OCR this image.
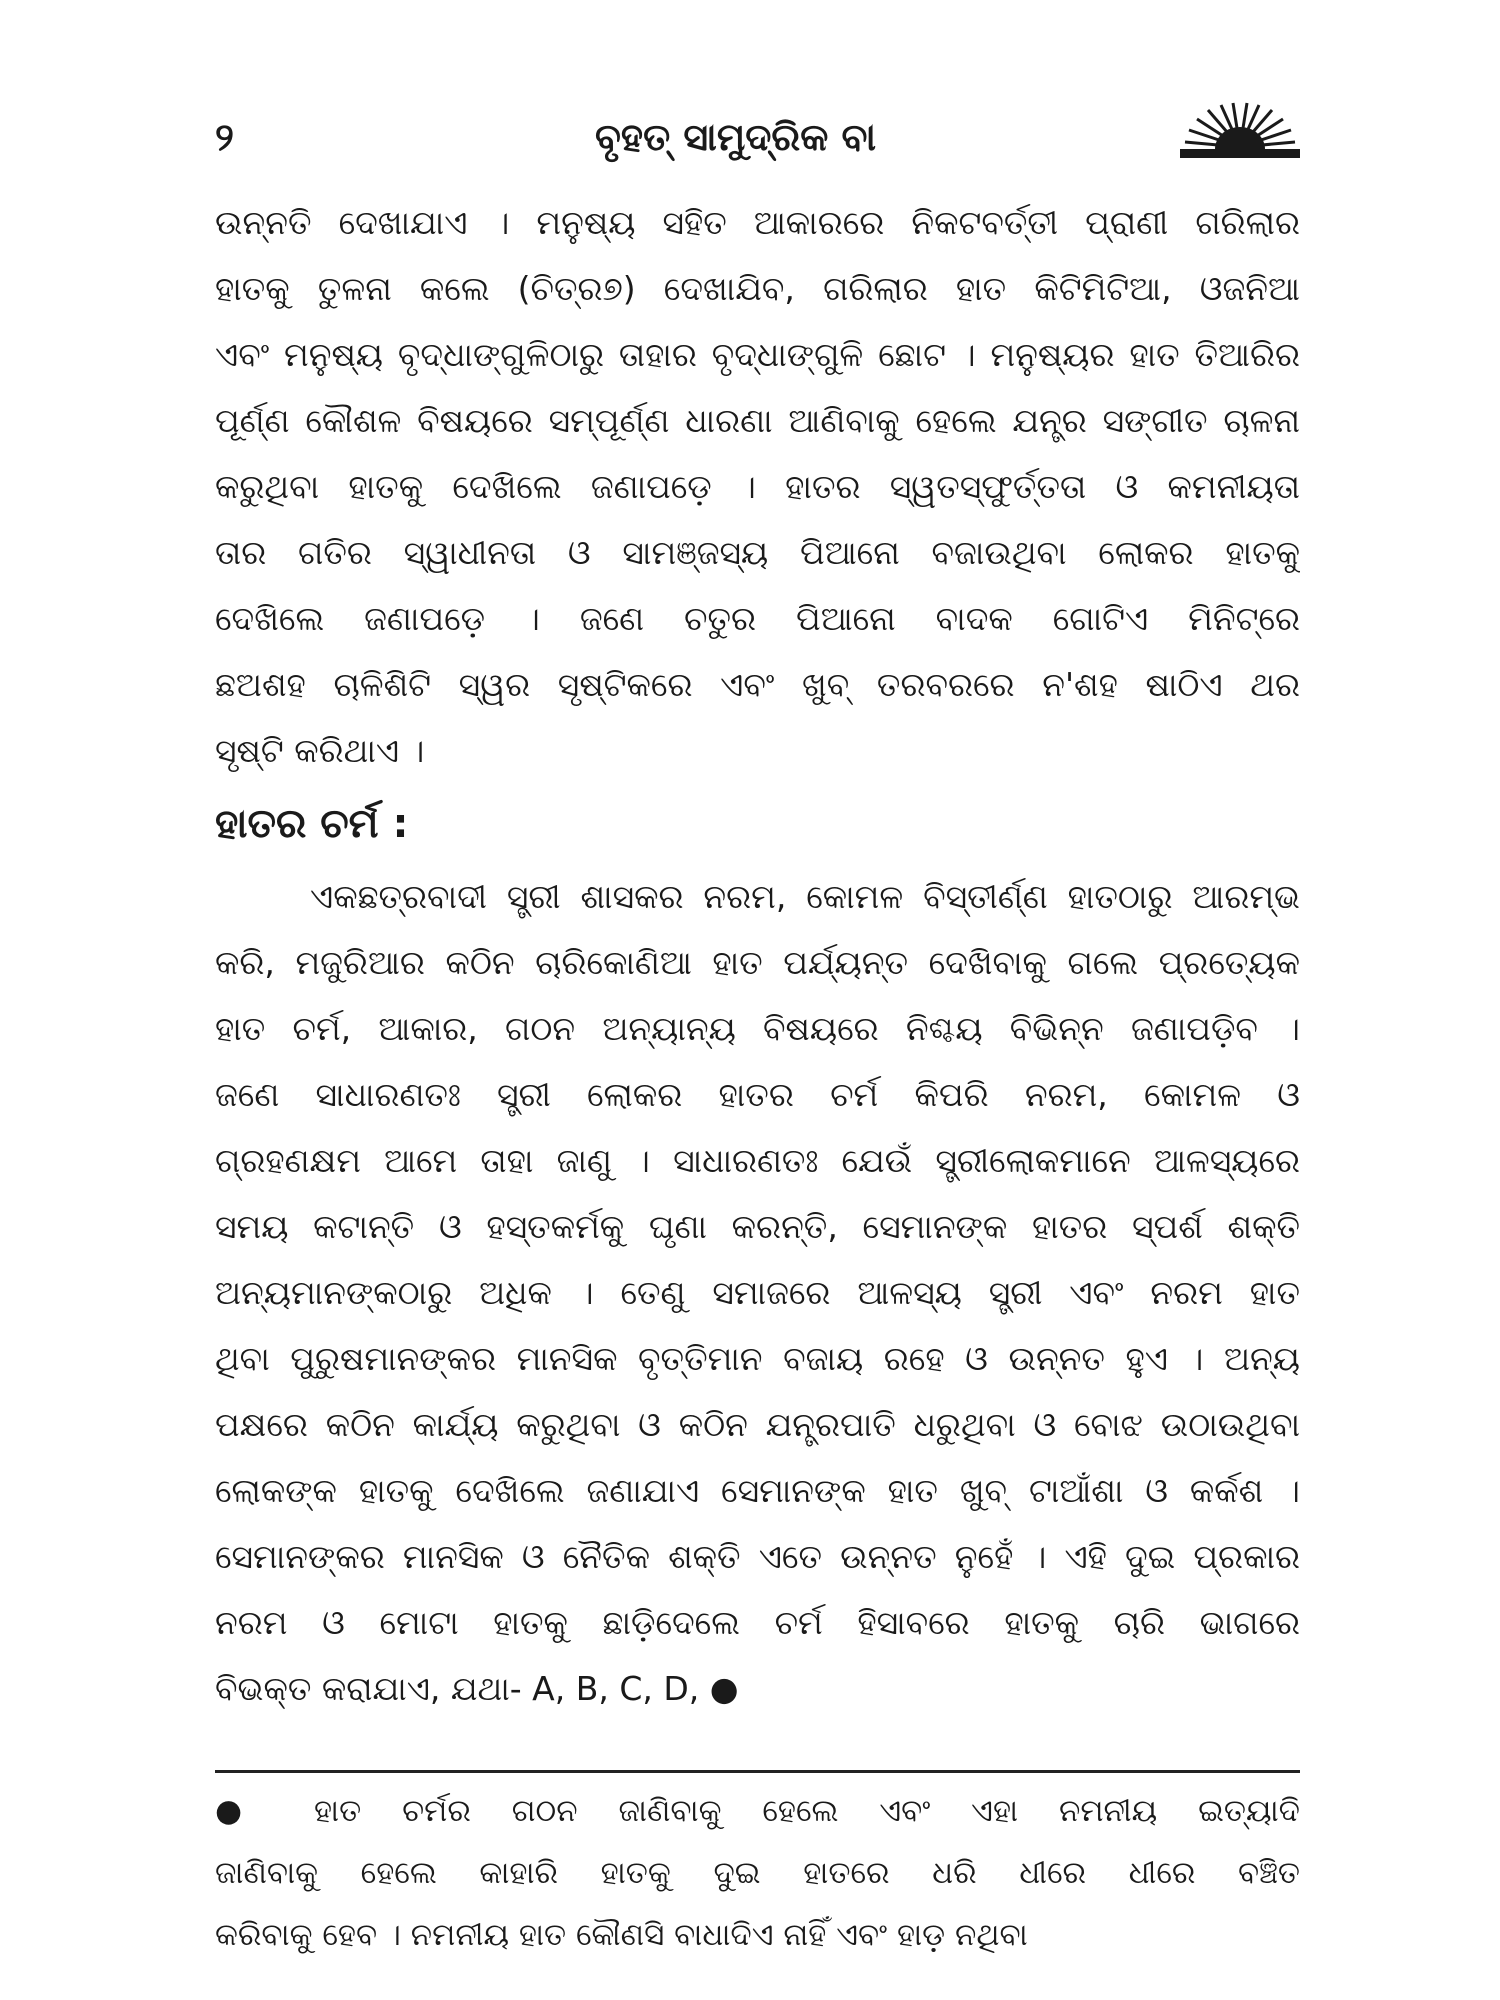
୨	ବୃହତ୍ ସାମୁଦ୍ରିକ ବା
ଉନ୍ନତି ଦେଖାଯାଏ । ମନୁଷ୍ୟ ସହିତ ଆକାରରେ ନିକଟବର୍ତ୍ତୀ ପ୍ରାଣୀ ଗରିଲାର
ହାତକୁ ତୁଳନା କଲେ (ଚିତ୍ର୭) ଦେଖାଯିବ, ଗରିଲାର ହାତ କିଟିମିଟିଆ, ଓଜନିଆ
ଏବଂ ମନୁଷ୍ୟ ବୃଦ୍ଧାଙ୍ଗୁଳିଠାରୁ ତାହାର ବୃଦ୍ଧାଙ୍ଗୁଳି ଛୋଟ । ମନୁଷ୍ୟର ହାତ ତିଆରିର
ପୂର୍ଣ୍ଣ କୌଶଳ ବିଷୟରେ ସମ୍ପୂର୍ଣ୍ଣ ଧାରଣା ଆଣିବାକୁ ହେଲେ ଯନ୍ତ୍ର ସଙ୍ଗୀତ ଚାଳନା
କରୁଥିବା ହାତକୁ ଦେଖିଲେ ଜଣାପଡ଼େ । ହାତର ସ୍ୱତସ୍ଫୁର୍ତ୍ତତା ଓ କମନୀୟତା
ତାର ଗତିର ସ୍ୱାଧୀନତା ଓ ସାମଞ୍ଜସ୍ୟ ପିଆନୋ ବଜାଉଥିବା ଲୋକର ହାତକୁ
ଦେଖିଲେ ଜଣାପଡ଼େ । ଜଣେ ଚତୁର ପିଆନୋ ବାଦକ ଗୋଟିଏ ମିନିଟ୍‌ରେ
ଛଅଶହ ଚାଳିଶିଟି ସ୍ୱର ସୃଷ୍ଟିକରେ ଏବଂ ଖୁବ୍ ତରବରରେ ନ'ଶହ ଷାଠିଏ ଥର
ସୃଷ୍ଟି କରିଥାଏ ।
ହାତର ଚର୍ମ :
ଏକଛତ୍ରବାଦୀ ସ୍ତ୍ରୀ ଶାସକର ନରମ, କୋମଳ ବିସ୍ତୀର୍ଣ୍ଣ ହାତଠାରୁ ଆରମ୍ଭ
କରି, ମଜୁରିଆର କଠିନ ଚାରିକୋଣିଆ ହାତ ପର୍ଯ୍ୟନ୍ତ ଦେଖିବାକୁ ଗଲେ ପ୍ରତ୍ୟେକ
ହାତ ଚର୍ମ, ଆକାର, ଗଠନ ଅନ୍ୟାନ୍ୟ ବିଷୟରେ ନିଶ୍ଚୟ ବିଭିନ୍ନ ଜଣାପଡ଼ିବ ।
ଜଣେ ସାଧାରଣତଃ ସ୍ତ୍ରୀ ଲୋକର ହାତର ଚର୍ମ କିପରି ନରମ, କୋମଳ ଓ
ଗ୍ରହଣକ୍ଷମ ଆମେ ତାହା ଜାଣୁ । ସାଧାରଣତଃ ଯେଉଁ ସ୍ତ୍ରୀଲୋକମାନେ ଆଳସ୍ୟରେ
ସମୟ କଟାନ୍ତି ଓ ହସ୍ତକର୍ମକୁ ଘୃଣା କରନ୍ତି, ସେମାନଙ୍କ ହାତର ସ୍ପର୍ଶ ଶକ୍ତି
ଅନ୍ୟମାନଙ୍କଠାରୁ ଅଧିକ । ତେଣୁ ସମାଜରେ ଆଳସ୍ୟ ସ୍ତ୍ରୀ ଏବଂ ନରମ ହାତ
ଥିବା ପୁରୁଷମାନଙ୍କର ମାନସିକ ବୃତ୍ତିମାନ ବଜାୟ ରହେ ଓ ଉନ୍ନତ ହୁଏ । ଅନ୍ୟ
ପକ୍ଷରେ କଠିନ କାର୍ଯ୍ୟ କରୁଥିବା ଓ କଠିନ ଯନ୍ତ୍ରପାତି ଧରୁଥିବା ଓ ବୋଝ ଉଠାଉଥିବା
ଲୋକଙ୍କ ହାତକୁ ଦେଖିଲେ ଜଣାଯାଏ ସେମାନଙ୍କ ହାତ ଖୁବ୍ ଟାଆଁଶା ଓ କର୍କଶ ।
ସେମାନଙ୍କର ମାନସିକ ଓ ନୈତିକ ଶକ୍ତି ଏତେ ଉନ୍ନତ ନୁହେଁ । ଏହି ଦୁଇ ପ୍ରକାର
ନରମ ଓ ମୋଟା ହାତକୁ ଛାଡ଼ିଦେଲେ ଚର୍ମ ହିସାବରେ ହାତକୁ ଚାରି ଭାଗରେ
ବିଭକ୍ତ କରାଯାଏ, ଯଥା- A, B, C, D, ●
● ହାତ ଚର୍ମର ଗଠନ ଜାଣିବାକୁ ହେଲେ ଏବଂ ଏହା ନମନୀୟ ଇତ୍ୟାଦି
ଜାଣିବାକୁ ହେଲେ କାହାରି ହାତକୁ ଦୁଇ ହାତରେ ଧରି ଧୀରେ ଧୀରେ ବଞ୍ଚିତ
କରିବାକୁ ହେବ । ନମନୀୟ ହାତ କୌଣସି ବାଧାଦିଏ ନାହିଁ ଏବଂ ହାଡ଼ ନଥିବା
